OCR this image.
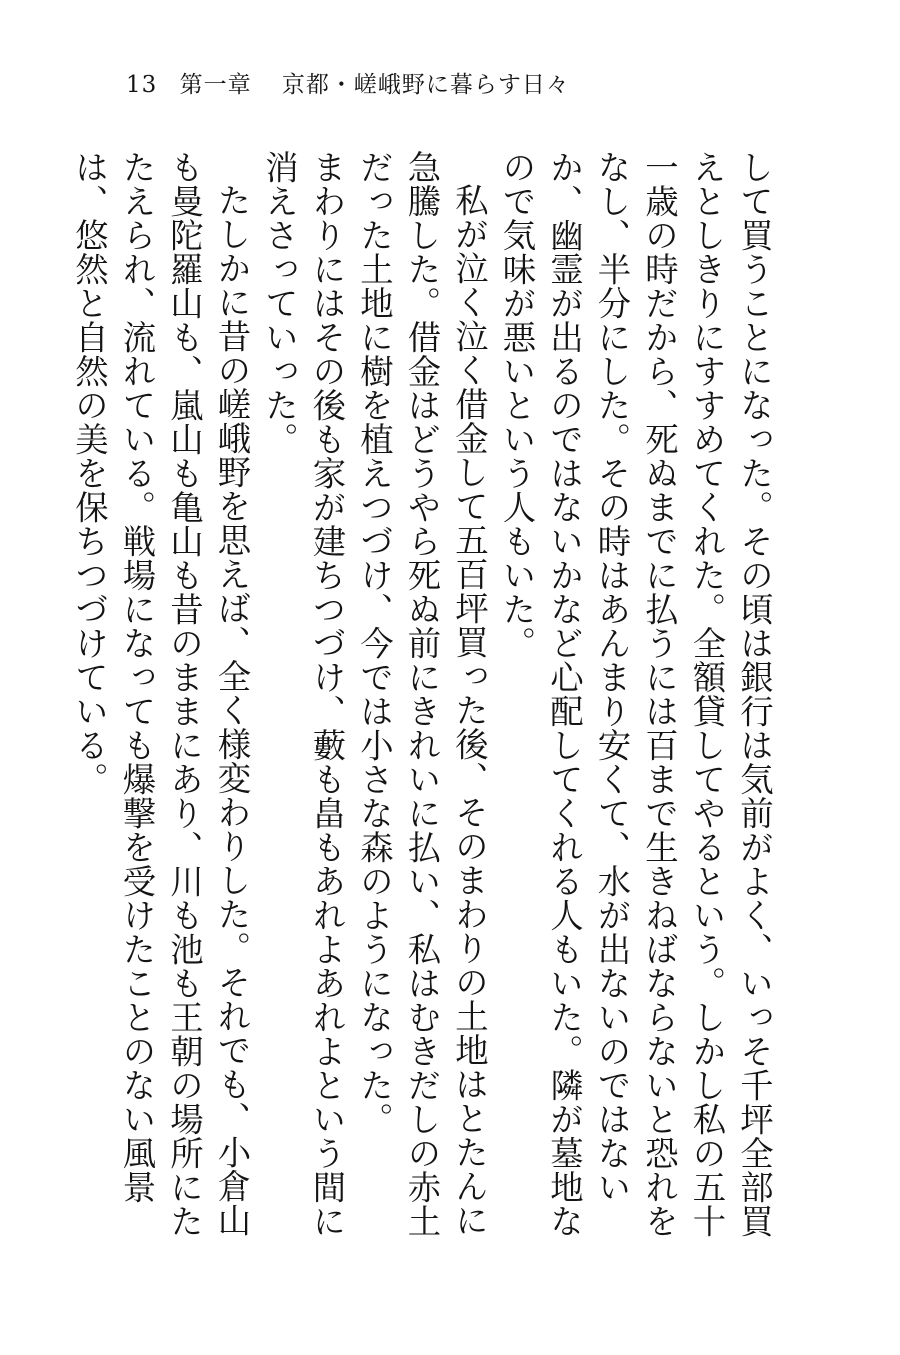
13 第一章 京都・嵯峨野に暮らす日々

して買うことになった。その頃は銀行は気前がよく、いっそ千坪全部買えとしきりにすすめてくれた。全額貸してやるという。しかし私の五十一歳の時だから、死ぬまでに払うには百まで生きねばならないと恐れをなし、半分にした。その時はあんまり安くて、水が出ないのではないか、幽霊が出るのではないかなど心配してくれる人もいた。隣が墓地なので気味が悪いという人もいた。

私が泣く泣く借金して五百坪買った後、そのまわりの土地はとたんに急騰した。借金はどうやら死ぬ前にきれいに払い、私はむきだしの赤土だった土地に樹を植えつづけ、今では小さな森のようになった。

まわりにはその後も家が建ちつづけ、藪も畠もあれよあれよという間に消えさっていった。

たしかに昔の嵯峨野を思えば、全く様変わりした。それでも、小倉山も曼陀羅山も、嵐山も亀山も昔のままにあり、川も池も王朝の場所にたたえられ、流れている。戦場になっても爆撃を受けたことのない風景は、悠然と自然の美を保ちつづけている。
